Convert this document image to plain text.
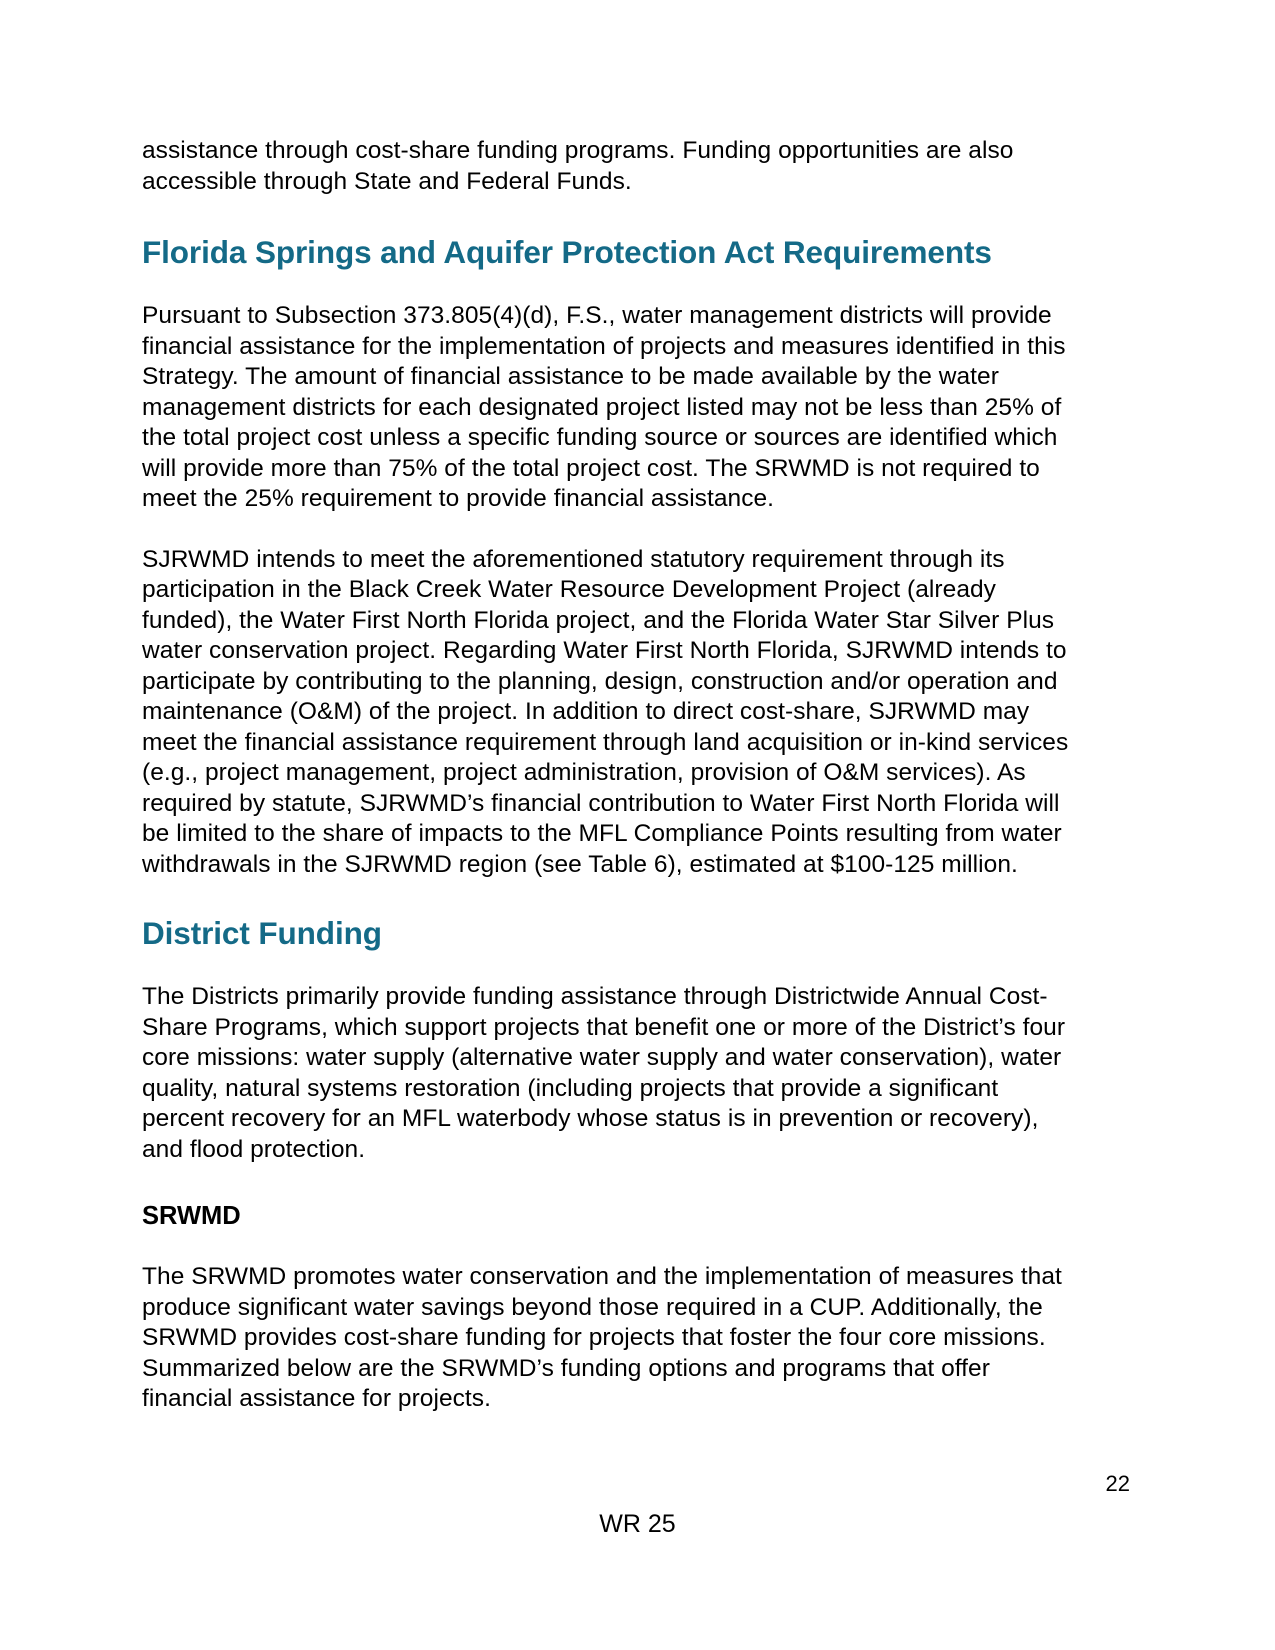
assistance through cost-share funding programs. Funding opportunities are also accessible through State and Federal Funds.

Florida Springs and Aquifer Protection Act Requirements

Pursuant to Subsection 373.805(4)(d), F.S., water management districts will provide financial assistance for the implementation of projects and measures identified in this Strategy. The amount of financial assistance to be made available by the water management districts for each designated project listed may not be less than 25% of the total project cost unless a specific funding source or sources are identified which will provide more than 75% of the total project cost. The SRWMD is not required to meet the 25% requirement to provide financial assistance.

SJRWMD intends to meet the aforementioned statutory requirement through its participation in the Black Creek Water Resource Development Project (already funded), the Water First North Florida project, and the Florida Water Star Silver Plus water conservation project. Regarding Water First North Florida, SJRWMD intends to participate by contributing to the planning, design, construction and/or operation and maintenance (O&M) of the project. In addition to direct cost-share, SJRWMD may meet the financial assistance requirement through land acquisition or in-kind services (e.g., project management, project administration, provision of O&M services). As required by statute, SJRWMD’s financial contribution to Water First North Florida will be limited to the share of impacts to the MFL Compliance Points resulting from water withdrawals in the SJRWMD region (see Table 6), estimated at $100-125 million.

District Funding

The Districts primarily provide funding assistance through Districtwide Annual Cost-Share Programs, which support projects that benefit one or more of the District’s four core missions: water supply (alternative water supply and water conservation), water quality, natural systems restoration (including projects that provide a significant percent recovery for an MFL waterbody whose status is in prevention or recovery), and flood protection.

SRWMD

The SRWMD promotes water conservation and the implementation of measures that produce significant water savings beyond those required in a CUP. Additionally, the SRWMD provides cost-share funding for projects that foster the four core missions. Summarized below are the SRWMD’s funding options and programs that offer financial assistance for projects.

22
WR 25
